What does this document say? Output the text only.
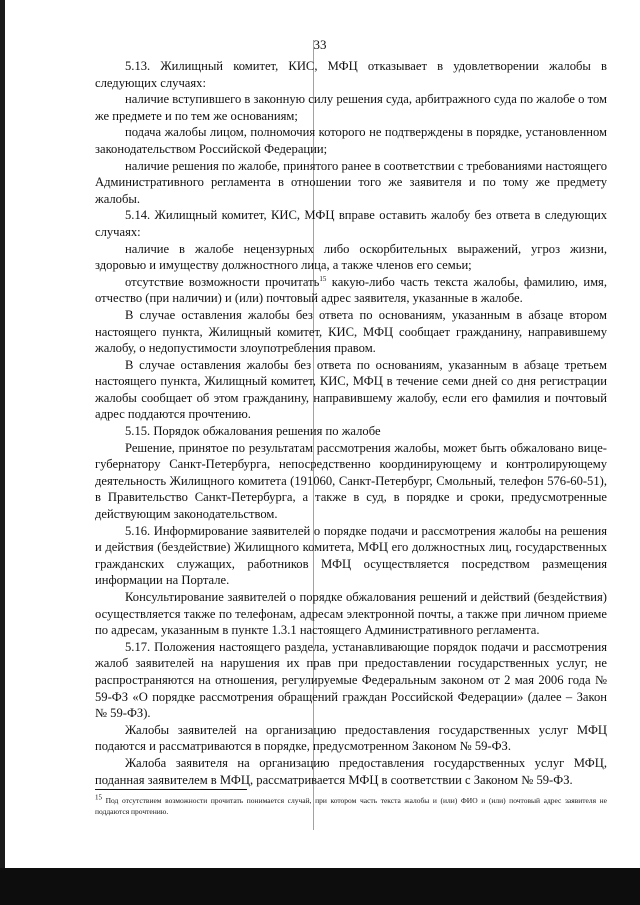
33

5.13. Жилищный комитет, КИС, МФЦ отказывает в удовлетворении жалобы в следующих случаях:

наличие вступившего в законную силу решения суда, арбитражного суда по жалобе о том же предмете и по тем же основаниям;

подача жалобы лицом, полномочия которого не подтверждены в порядке, установленном законодательством Российской Федерации;

наличие решения по жалобе, принятого ранее в соответствии с требованиями настоящего Административного регламента в отношении того же заявителя и по тому же предмету жалобы.

5.14. Жилищный комитет, КИС, МФЦ вправе оставить жалобу без ответа в следующих случаях:

наличие в жалобе нецензурных либо оскорбительных выражений, угроз жизни, здоровью и имуществу должностного лица, а также членов его семьи;

отсутствие возможности прочитать$^{15}$ какую-либо часть текста жалобы, фамилию, имя, отчество (при наличии) и (или) почтовый адрес заявителя, указанные в жалобе.

В случае оставления жалобы без ответа по основаниям, указанным в абзаце втором настоящего пункта, Жилищный комитет, КИС, МФЦ сообщает гражданину, направившему жалобу, о недопустимости злоупотребления правом.

В случае оставления жалобы без ответа по основаниям, указанным в абзаце третьем настоящего пункта, Жилищный комитет, КИС, МФЦ в течение семи дней со дня регистрации жалобы сообщает об этом гражданину, направившему жалобу, если его фамилия и почтовый адрес поддаются прочтению.

5.15. Порядок обжалования решения по жалобе

Решение, принятое по результатам рассмотрения жалобы, может быть обжаловано вице-губернатору Санкт-Петербурга, непосредственно координирующему и контролирующему деятельность Жилищного комитета (191060, Санкт-Петербург, Смольный, телефон 576-60-51), в Правительство Санкт-Петербурга, а также в суд, в порядке и сроки, предусмотренные действующим законодательством.

5.16. Информирование заявителей о порядке подачи и рассмотрения жалобы на решения и действия (бездействие) Жилищного комитета, МФЦ его должностных лиц, государственных гражданских служащих, работников МФЦ осуществляется посредством размещения информации на Портале.

Консультирование заявителей о порядке обжалования решений и действий (бездействия) осуществляется также по телефонам, адресам электронной почты, а также при личном приеме по адресам, указанным в пункте 1.3.1 настоящего Административного регламента.

5.17. Положения настоящего раздела, устанавливающие порядок подачи и рассмотрения жалоб заявителей на нарушения их прав при предоставлении государственных услуг, не распространяются на отношения, регулируемые Федеральным законом от 2 мая 2006 года № 59-ФЗ «О порядке рассмотрения обращений граждан Российской Федерации» (далее – Закон № 59-ФЗ).

Жалобы заявителей на организацию предоставления государственных услуг МФЦ подаются и рассматриваются в порядке, предусмотренном Законом № 59-ФЗ.

Жалоба заявителя на организацию предоставления государственных услуг МФЦ, поданная заявителем в МФЦ, рассматривается МФЦ в соответствии с Законом № 59-ФЗ.

$^{15}$ Под отсутствием возможности прочитать понимается случай, при котором часть текста жалобы и (или) ФИО и (или) почтовый адрес заявителя не поддаются прочтению.
